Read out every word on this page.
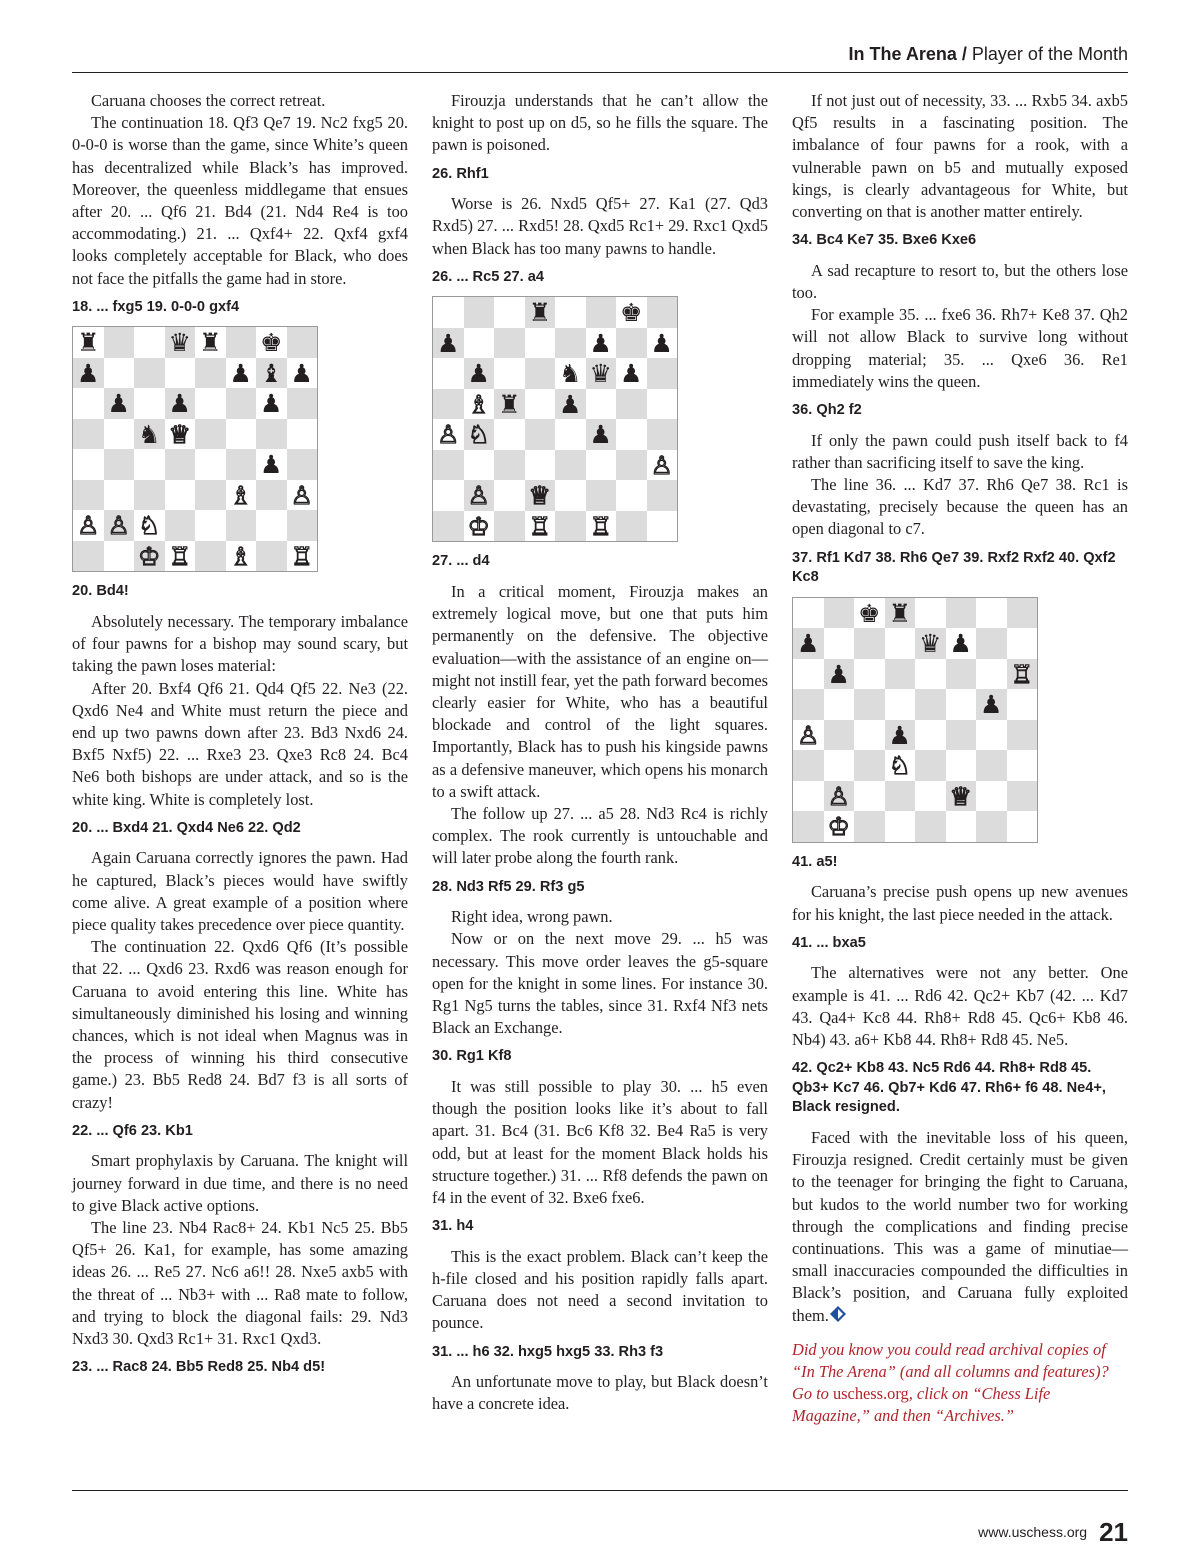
In The Arena / Player of the Month

Caruana chooses the correct retreat.

The continuation 18. Qf3 Qe7 19. Nc2 fxg5 20. 0-0-0 is worse than the game, since White’s queen has decentralized while Black’s has improved. Moreover, the queenless middlegame that ensues after 20. ... Qf6 21. Bd4 (21. Nd4 Re4 is too accommodating.) 21. ... Qxf4+ 22. Qxf4 gxf4 looks completely acceptable for Black, who does not face the pitfalls the game had in store.

18. ... fxg5 19. 0-0-0 gxf4
♜	♛ ♜ ♚
♟	♟ ♝ ♟
♟ ♟	♟
♞ ♕
♟
♗ ♙
♙ ♙ ♘
♔ ♖ ♗ ♖
20. Bd4!

Absolutely necessary. The temporary imbalance of four pawns for a bishop may sound scary, but taking the pawn loses material:

After 20. Bxf4 Qf6 21. Qd4 Qf5 22. Ne3 (22. Qxd6 Ne4 and White must return the piece and end up two pawns down after 23. Bd3 Nxd6 24. Bxf5 Nxf5) 22. ... Rxe3 23. Qxe3 Rc8 24. Bc4 Ne6 both bishops are under attack, and so is the white king. White is completely lost.

20. ... Bxd4 21. Qxd4 Ne6 22. Qd2

Again Caruana correctly ignores the pawn. Had he captured, Black’s pieces would have swiftly come alive. A great example of a position where piece quality takes precedence over piece quantity.

The continuation 22. Qxd6 Qf6 (It’s possible that 22. ... Qxd6 23. Rxd6 was reason enough for Caruana to avoid entering this line. White has simultaneously diminished his losing and winning chances, which is not ideal when Magnus was in the process of winning his third consecutive game.) 23. Bb5 Red8 24. Bd7 f3 is all sorts of crazy!

22. ... Qf6 23. Kb1

Smart prophylaxis by Caruana. The knight will journey forward in due time, and there is no need to give Black active options.

The line 23. Nb4 Rac8+ 24. Kb1 Nc5 25. Bb5 Qf5+ 26. Ka1, for example, has some amazing ideas 26. ... Re5 27. Nc6 a6!! 28. Nxe5 axb5 with the threat of ... Nb3+ with ... Ra8 mate to follow, and trying to block the diagonal fails: 29. Nd3 Nxd3 30. Qxd3 Rc1+ 31. Rxc1 Qxd3.

23. ... Rac8 24. Bb5 Red8 25. Nb4 d5!

Firouzja understands that he can’t allow the knight to post up on d5, so he fills the square. The pawn is poisoned.

26. Rhf1

Worse is 26. Nxd5 Qf5+ 27. Ka1 (27. Qd3 Rxd5) 27. ... Rxd5! 28. Qxd5 Rc1+ 29. Rxc1 Qxd5 when Black has too many pawns to handle.

26. ... Rc5 27. a4
♜	♚
♟	♟ ♟
♟	♞ ♛ ♟
♗ ♜ ♟
♙ ♘	♟
♙
♙ ♕
♔ ♖ ♖
27. ... d4

In a critical moment, Firouzja makes an extremely logical move, but one that puts him permanently on the defensive. The objective evaluation—with the assistance of an engine on—might not instill fear, yet the path forward becomes clearly easier for White, who has a beautiful blockade and control of the light squares. Importantly, Black has to push his kingside pawns as a defensive maneuver, which opens his monarch to a swift attack.

The follow up 27. ... a5 28. Nd3 Rc4 is richly complex. The rook currently is untouchable and will later probe along the fourth rank.

28. Nd3 Rf5 29. Rf3 g5

Right idea, wrong pawn.

Now or on the next move 29. ... h5 was necessary. This move order leaves the g5-square open for the knight in some lines. For instance 30. Rg1 Ng5 turns the tables, since 31. Rxf4 Nf3 nets Black an Exchange.

30. Rg1 Kf8

It was still possible to play 30. ... h5 even though the position looks like it’s about to fall apart. 31. Bc4 (31. Bc6 Kf8 32. Be4 Ra5 is very odd, but at least for the moment Black holds his structure together.) 31. ... Rf8 defends the pawn on f4 in the event of 32. Bxe6 fxe6.

31. h4

This is the exact problem. Black can’t keep the h-file closed and his position rapidly falls apart. Caruana does not need a second invitation to pounce.

31. ... h6 32. hxg5 hxg5 33. Rh3 f3

An unfortunate move to play, but Black doesn’t have a concrete idea.

If not just out of necessity, 33. ... Rxb5 34. axb5 Qf5 results in a fascinating position. The imbalance of four pawns for a rook, with a vulnerable pawn on b5 and mutually exposed kings, is clearly advantageous for White, but converting on that is another matter entirely.

34. Bc4 Ke7 35. Bxe6 Kxe6

A sad recapture to resort to, but the others lose too.

For example 35. ... fxe6 36. Rh7+ Ke8 37. Qh2 will not allow Black to survive long without dropping material; 35. ... Qxe6 36. Re1 immediately wins the queen.

36. Qh2 f2

If only the pawn could push itself back to f4 rather than sacrificing itself to save the king.

The line 36. ... Kd7 37. Rh6 Qe7 38. Rc1 is devastating, precisely because the queen has an open diagonal to c7.

37. Rf1 Kd7 38. Rh6 Qe7 39. Rxf2 Rxf2 40. Qxf2 Kc8
♚ ♜
♟	♛ ♟
♟	♖
♟
♙	♟
♘
♙	♕
♔
41. a5!

Caruana’s precise push opens up new avenues for his knight, the last piece needed in the attack.

41. ... bxa5

The alternatives were not any better. One example is 41. ... Rd6 42. Qc2+ Kb7 (42. ... Kd7 43. Qa4+ Kc8 44. Rh8+ Rd8 45. Qc6+ Kb8 46. Nb4) 43. a6+ Kb8 44. Rh8+ Rd8 45. Ne5.

42. Qc2+ Kb8 43. Nc5 Rd6 44. Rh8+ Rd8 45. Qb3+ Kc7 46. Qb7+ Kd6 47. Rh6+ f6 48. Ne4+, Black resigned.

Faced with the inevitable loss of his queen, Firouzja resigned. Credit certainly must be given to the teenager for bringing the fight to Caruana, but kudos to the world number two for working through the complications and finding precise continuations. This was a game of minutiae—small inaccuracies compounded the difficulties in Black’s position, and Caruana fully exploited them.

Did you know you could read archival copies of “In The Arena” (and all columns and features)? Go to uschess.org, click on “Chess Life Magazine,” and then “Archives.”

www.uschess.org 21
